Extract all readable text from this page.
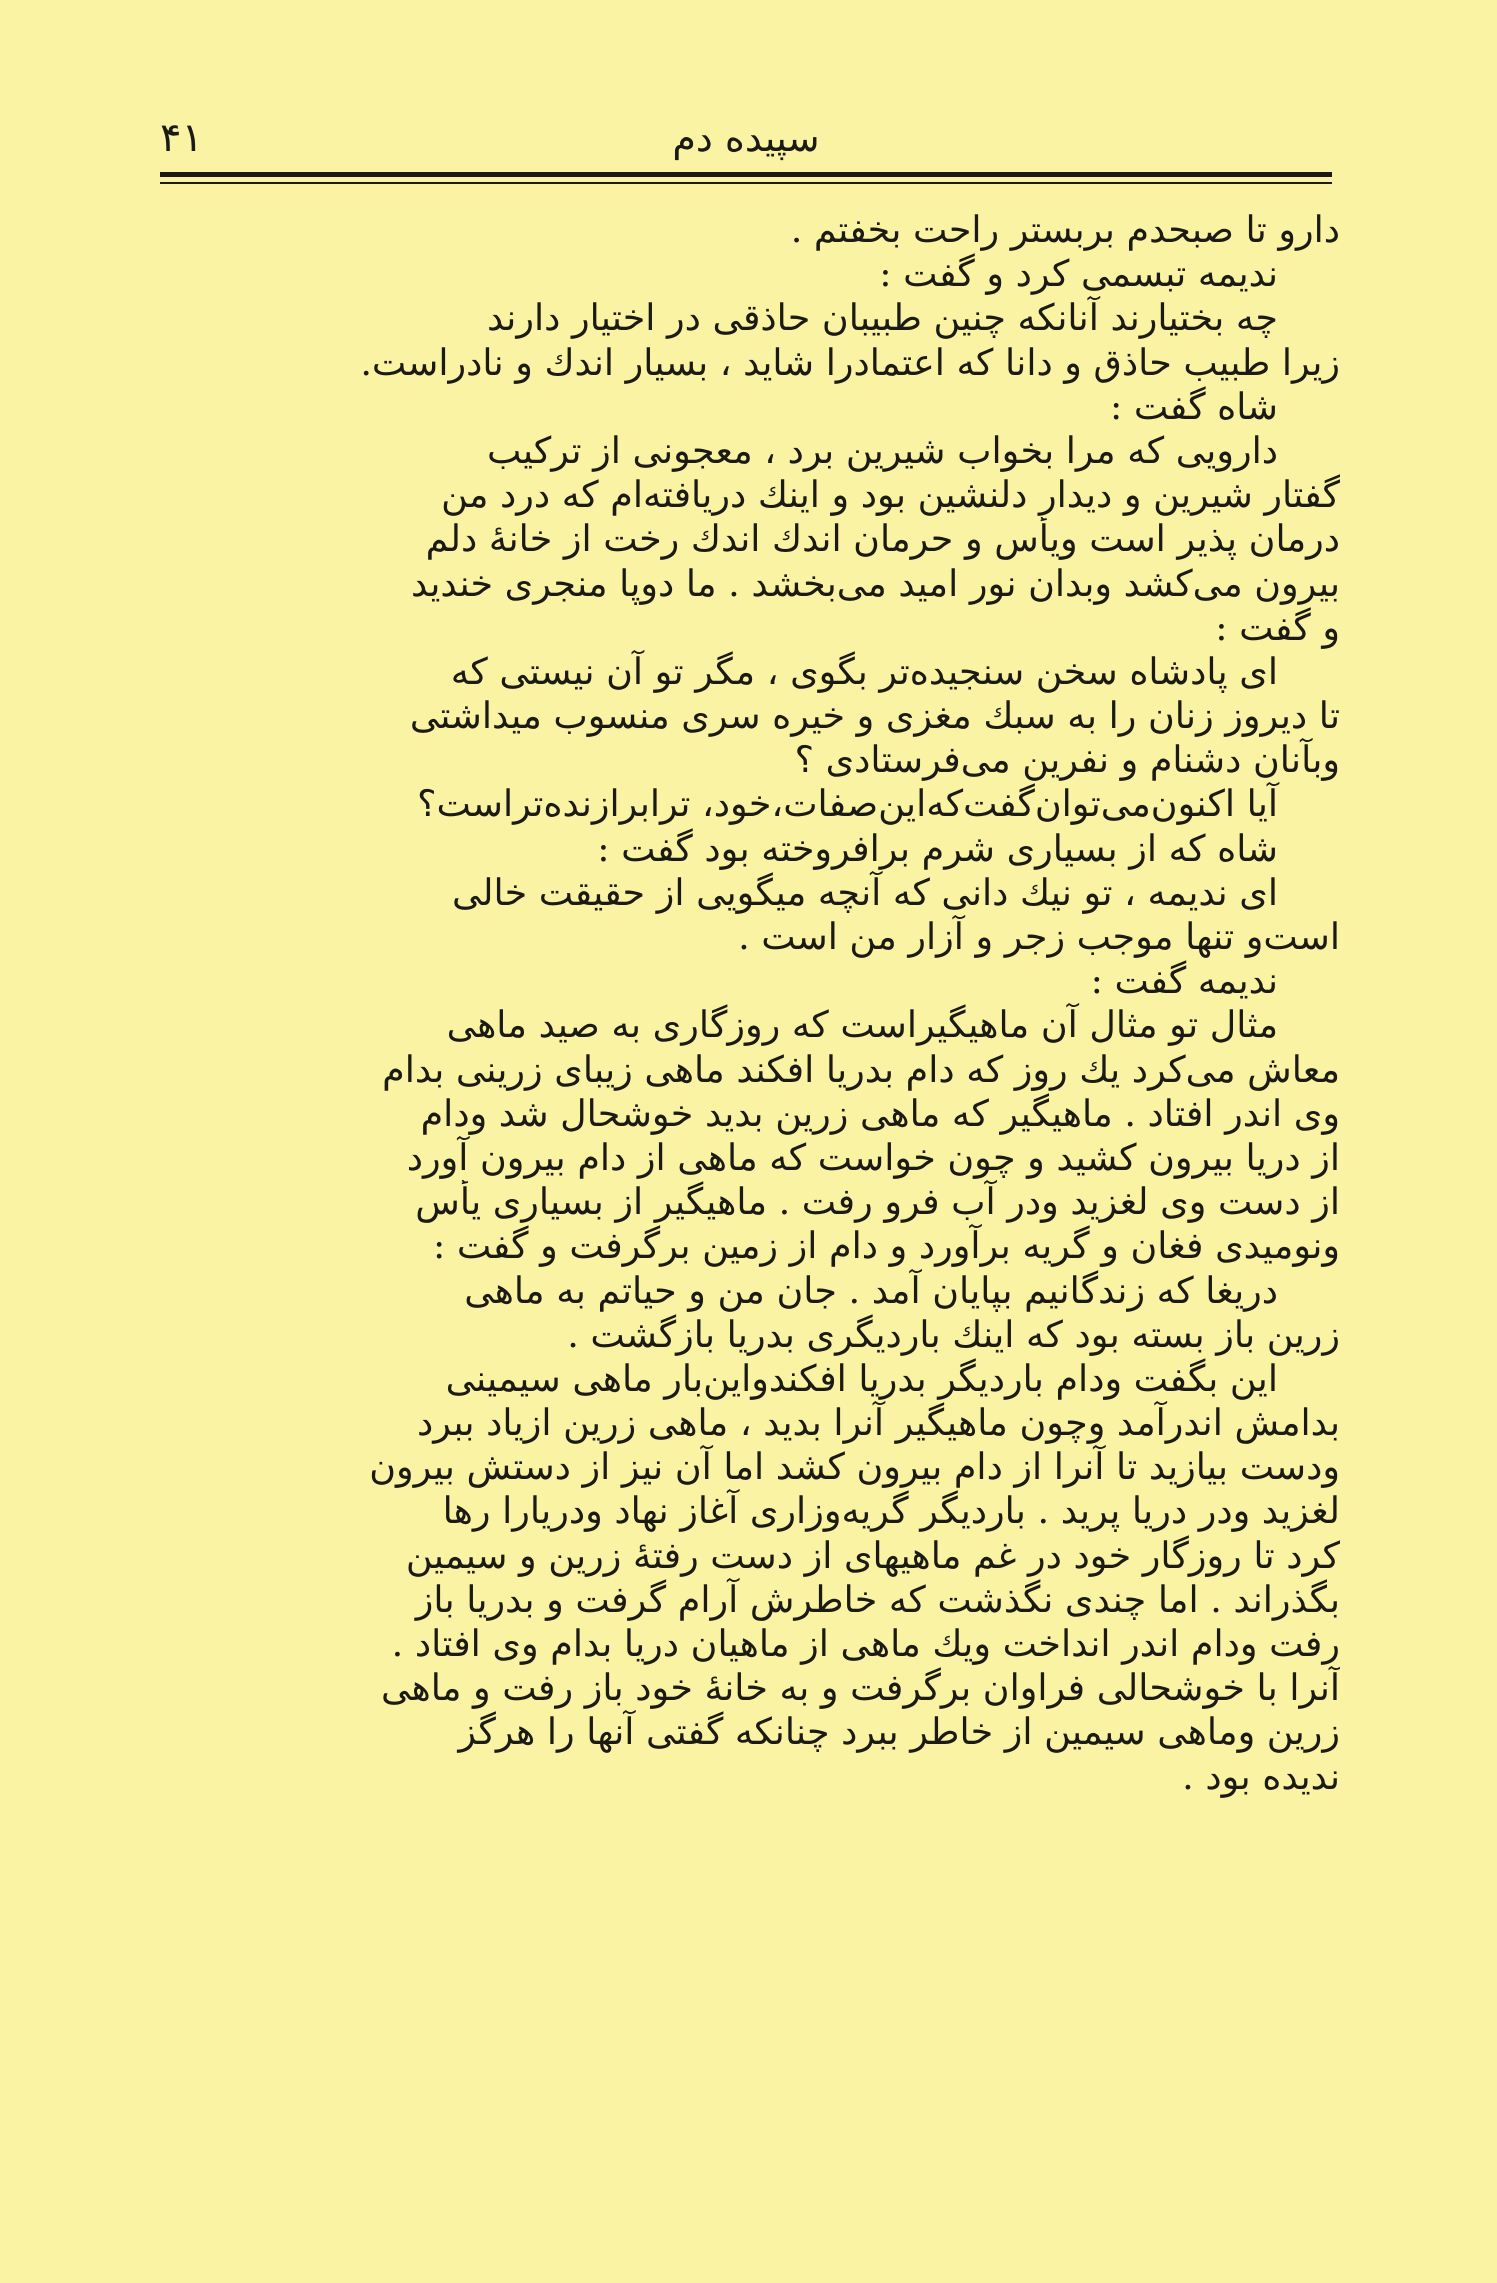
۴۱	سپیده دم
دارو تا صبحدم بربستر راحت بخفتم .
ندیمه تبسمی کرد و گفت :
چه بختیارند آنانکه چنین طبیبان حاذقی در اختیار دارند
زیرا طبیب حاذق و دانا که اعتمادرا شاید ، بسیار اندك و نادراست.
شاه گفت :
دارویی که مرا بخواب شیرین برد ، معجونی از ترکیب
گفتار شیرین و دیدار دلنشین بود و اینك دریافته‌ام که درد من
درمان پذیر است ویأس و حرمان اندك اندك رخت از خانهٔ دلم
بیرون می‌کشد وبدان نور امید می‌بخشد . ما دوپا منجری خندید
و گفت :
ای پادشاه سخن سنجیده‌تر بگوی ، مگر تو آن نیستی که
تا دیروز زنان را به سبك مغزی و خیره سری منسوب میداشتی
وبآنان دشنام و نفرین می‌فرستادی ؟
آیا اکنون‌می‌توان‌گفت‌که‌این‌صفات،خود، ترابرازنده‌تراست؟
شاه که از بسیاری شرم برافروخته بود گفت :
ای ندیمه ، تو نیك دانی که آنچه میگویی از حقیقت خالی
است‌و تنها موجب زجر و آزار من است .
ندیمه گفت :
مثال تو مثال آن ماهیگیراست که روزگاری به صید ماهی
معاش می‌کرد یك روز که دام بدریا افکند ماهی زیبای زرینی بدام
وی اندر افتاد . ماهیگیر که ماهی زرین بدید خوشحال شد ودام
از دریا بیرون کشید و چون خواست که ماهی از دام بیرون آورد
از دست وی لغزید ودر آب فرو رفت . ماهیگیر از بسیاری یأس
ونومیدی فغان و گریه برآورد و دام از زمین برگرفت و گفت :
دریغا که زندگانیم بپایان آمد . جان من و حیاتم به ماهی
زرین باز بسته بود که اینك باردیگری بدریا بازگشت .
این بگفت ودام باردیگر بدریا افکندواین‌بار ماهی سیمینی
بدامش اندرآمد وچون ماهیگیر آنرا بدید ، ماهی زرین ازیاد ببرد
ودست بیازید تا آنرا از دام بیرون کشد اما آن نیز از دستش بیرون
لغزید ودر دریا پرید . باردیگر گریه‌وزاری آغاز نهاد ودریارا رها
کرد تا روزگار خود در غم ماهیهای از دست رفتهٔ زرین و سیمین
بگذراند . اما چندی نگذشت که خاطرش آرام گرفت و بدریا باز
رفت ودام اندر انداخت ویك ماهی از ماهیان دریا بدام وی افتاد .
آنرا با خوشحالی فراوان برگرفت و به خانهٔ خود باز رفت و ماهی
زرین وماهی سیمین از خاطر ببرد چنانکه گفتی آنها را هرگز
ندیده بود .
